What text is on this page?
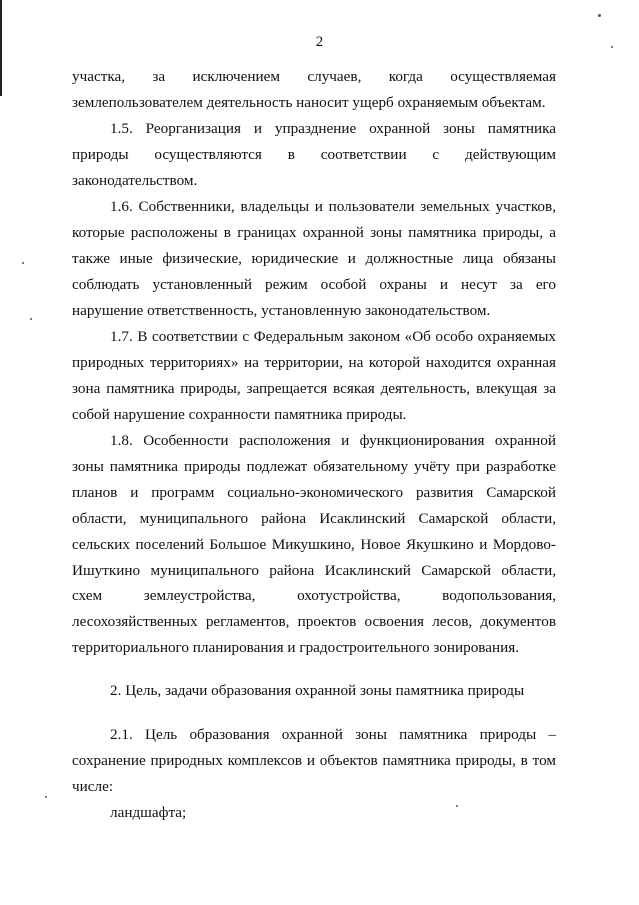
2

участка, за исключением случаев, когда осуществляемая землепользователем деятельность наносит ущерб охраняемым объектам.

1.5. Реорганизация и упразднение охранной зоны памятника природы осуществляются в соответствии с действующим законодательством.

1.6. Собственники, владельцы и пользователи земельных участков, которые расположены в границах охранной зоны памятника природы, а также иные физические, юридические и должностные лица обязаны соблюдать установленный режим особой охраны и несут за его нарушение ответственность, установленную законодательством.

1.7. В соответствии с Федеральным законом «Об особо охраняемых природных территориях» на территории, на которой находится охранная зона памятника природы, запрещается всякая деятельность, влекущая за собой нарушение сохранности памятника природы.

1.8. Особенности расположения и функционирования охранной зоны памятника природы подлежат обязательному учёту при разработке планов и программ социально-экономического развития Самарской области, муниципального района Исаклинский Самарской области, сельских поселений Большое Микушкино, Новое Якушкино и Мордово-Ишуткино муниципального района Исаклинский Самарской области, схем землеустройства, охотустройства, водопользования, лесохозяйственных регламентов, проектов освоения лесов, документов территориального планирования и градостроительного зонирования.

2. Цель, задачи образования охранной зоны памятника природы

2.1. Цель образования охранной зоны памятника природы – сохранение природных комплексов и объектов памятника природы, в том числе:

ландшафта;
